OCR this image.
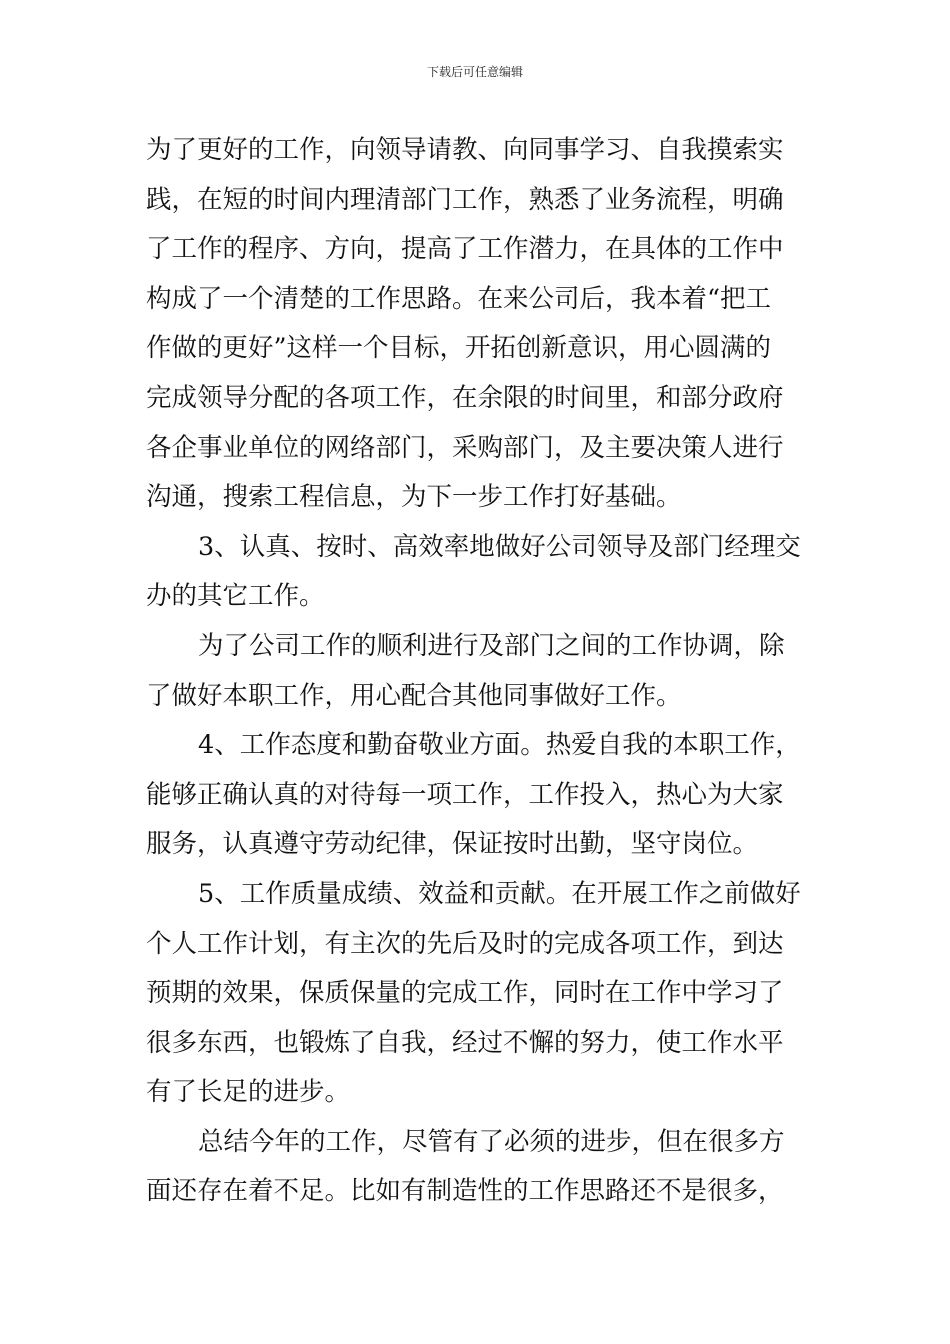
下载后可任意编辑
为了更好的工作，向领导请教、向同事学习、自我摸索实
践，在短的时间内理清部门工作，熟悉了业务流程，明确
了工作的程序、方向，提高了工作潜力，在具体的工作中
构成了一个清楚的工作思路。在来公司后，我本着“把工
作做的更好”这样一个目标，开拓创新意识，用心圆满的
完成领导分配的各项工作，在余限的时间里，和部分政府
各企事业单位的网络部门，采购部门，及主要决策人进行
沟通，搜索工程信息，为下一步工作打好基础。
3、认真、按时、高效率地做好公司领导及部门经理交
办的其它工作。
为了公司工作的顺利进行及部门之间的工作协调，除
了做好本职工作，用心配合其他同事做好工作。
4、工作态度和勤奋敬业方面。热爱自我的本职工作，
能够正确认真的对待每一项工作，工作投入，热心为大家
服务，认真遵守劳动纪律，保证按时出勤，坚守岗位。
5、工作质量成绩、效益和贡献。在开展工作之前做好
个人工作计划，有主次的先后及时的完成各项工作，到达
预期的效果，保质保量的完成工作，同时在工作中学习了
很多东西，也锻炼了自我，经过不懈的努力，使工作水平
有了长足的进步。
总结今年的工作，尽管有了必须的进步，但在很多方
面还存在着不足。比如有制造性的工作思路还不是很多，
